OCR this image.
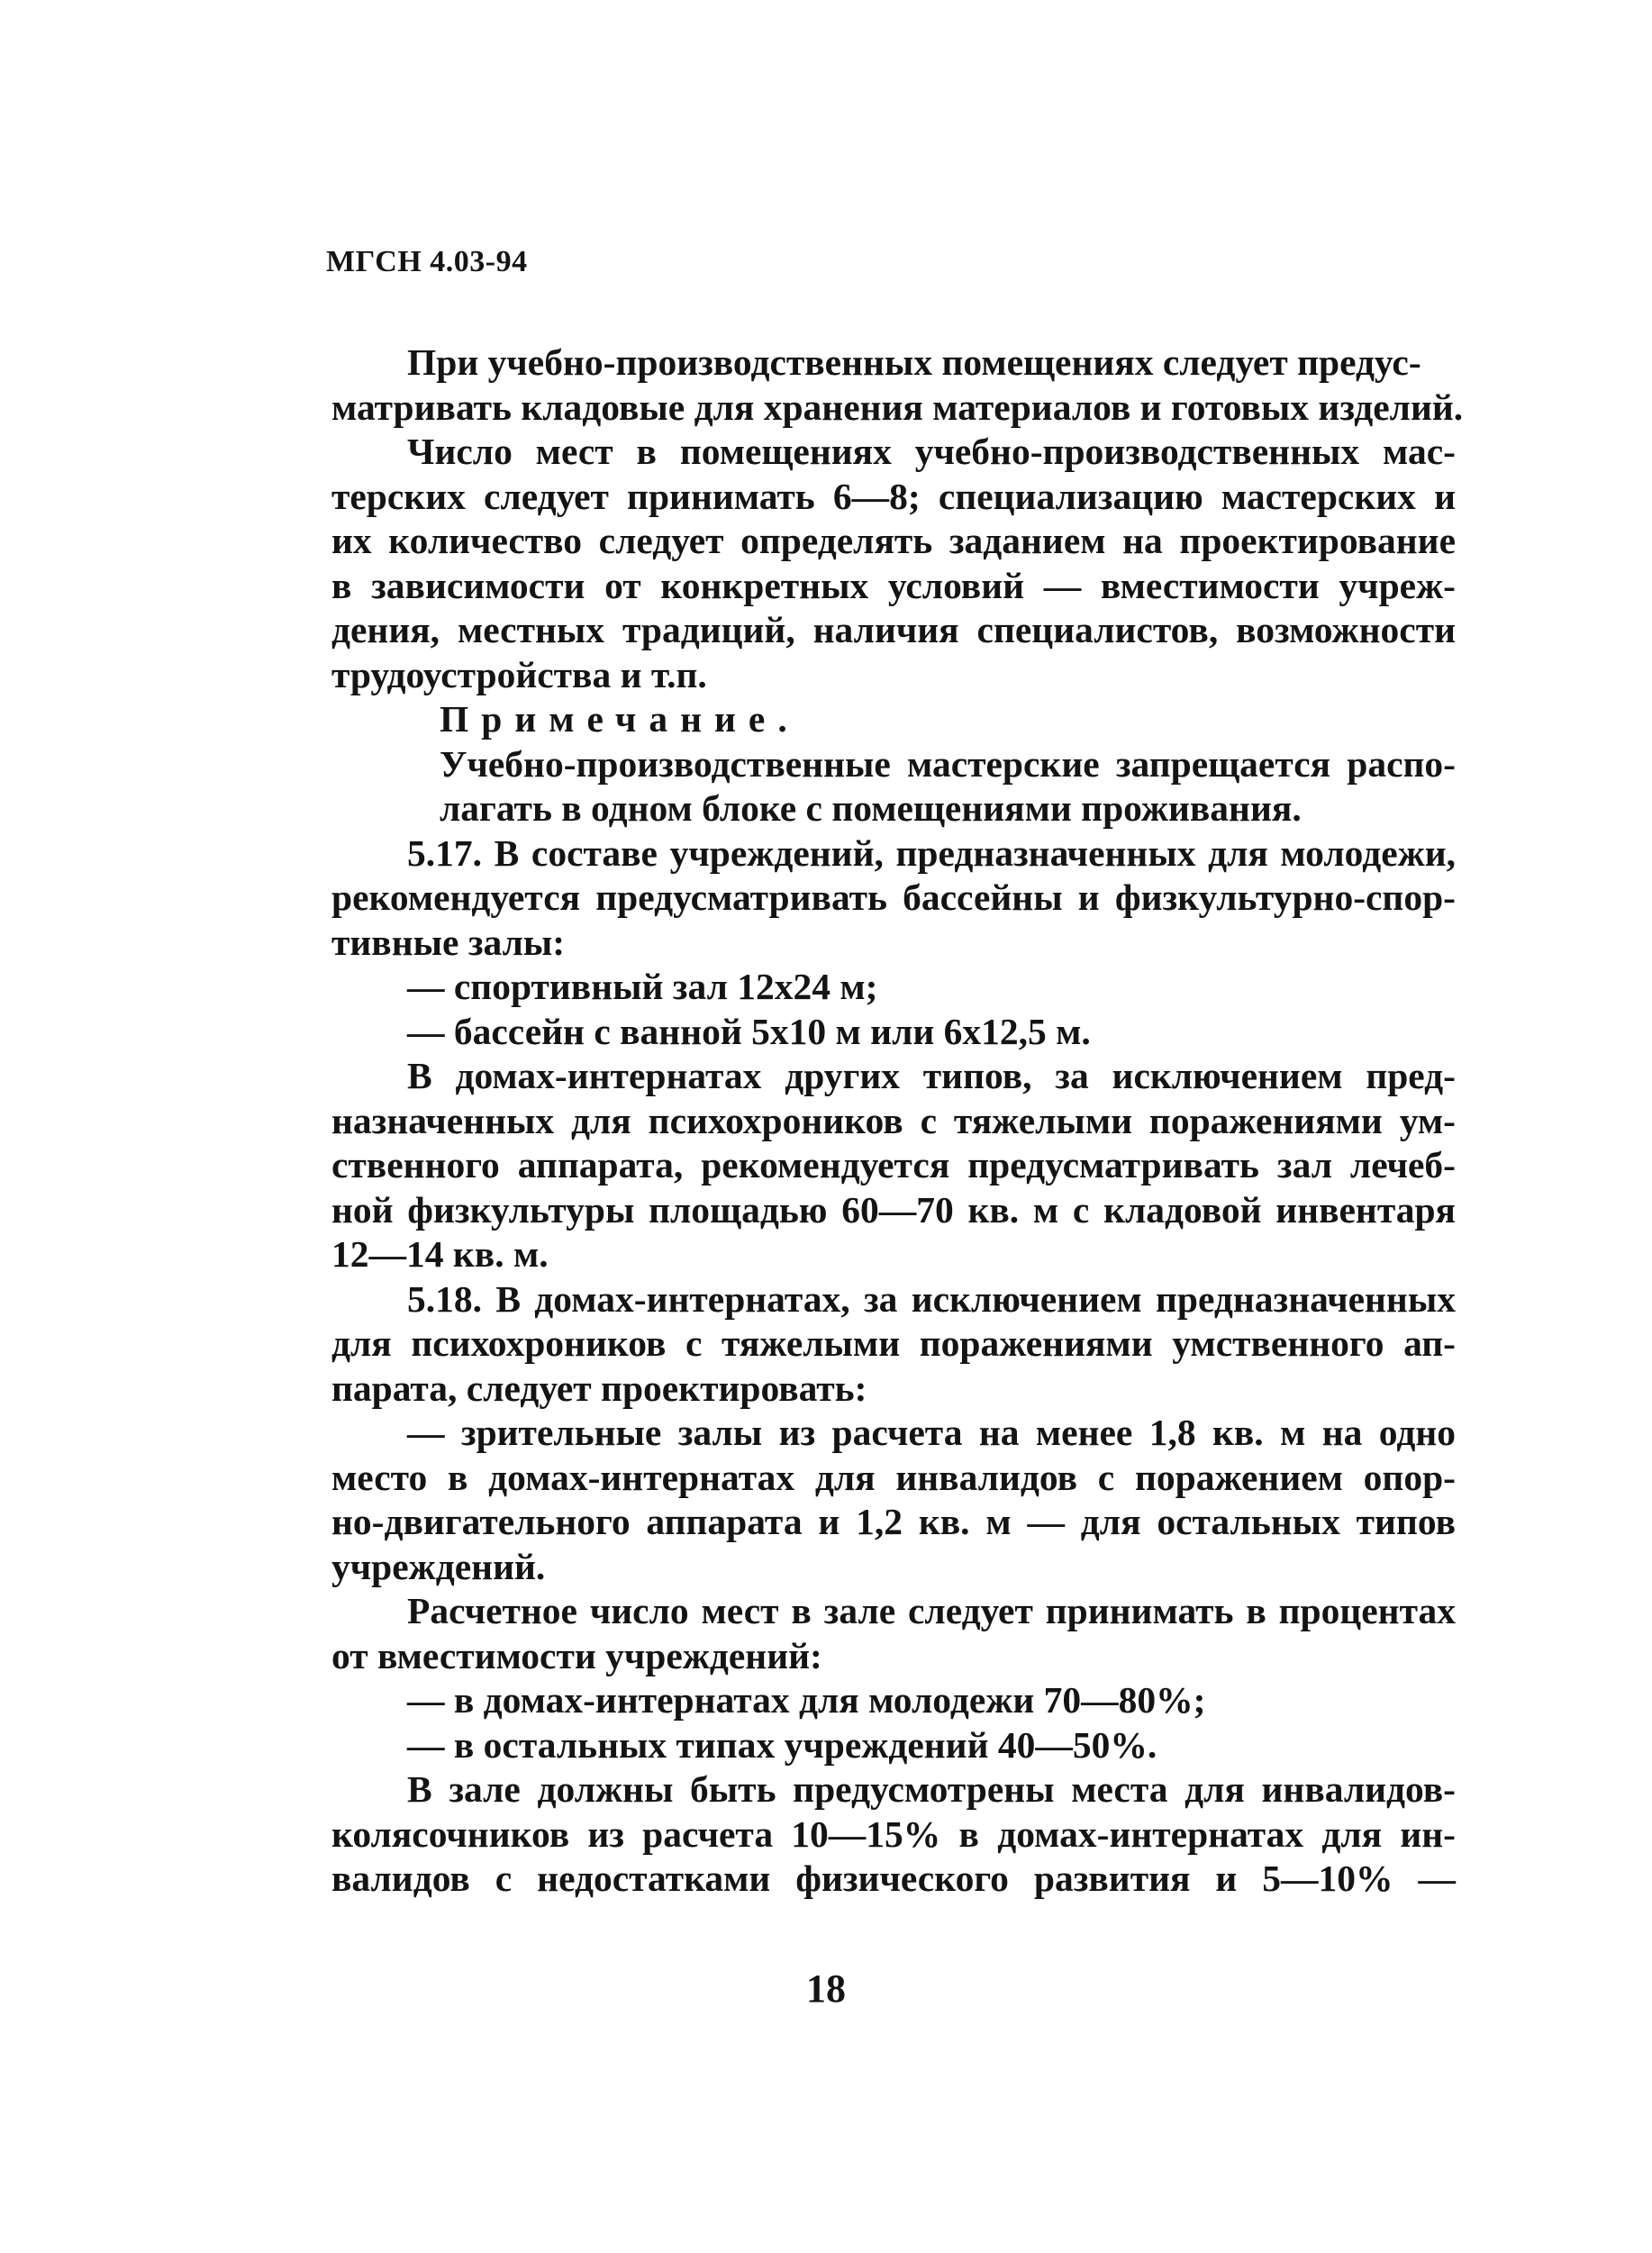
МГСН 4.03-94
При учебно-производственных помещениях следует предус-
матривать кладовые для хранения материалов и готовых изделий.
Число мест в помещениях учебно-производственных мас-
терских следует принимать 6—8; специализацию мастерских и
их количество следует определять заданием на проектирование
в зависимости от конкретных условий — вместимости учреж-
дения, местных традиций, наличия специалистов, возможности
трудоустройства и т.п.
Примечание.
Учебно-производственные мастерские запрещается распо-
лагать в одном блоке с помещениями проживания.
5.17. В составе учреждений, предназначенных для молодежи,
рекомендуется предусматривать бассейны и физкультурно-спор-
тивные залы:
— спортивный зал 12х24 м;
— бассейн с ванной 5х10 м или 6х12,5 м.
В домах-интернатах других типов, за исключением пред-
назначенных для психохроников с тяжелыми поражениями ум-
ственного аппарата, рекомендуется предусматривать зал лечеб-
ной физкультуры площадью 60—70 кв. м с кладовой инвентаря
12—14 кв. м.
5.18. В домах-интернатах, за исключением предназначенных
для психохроников с тяжелыми поражениями умственного ап-
парата, следует проектировать:
— зрительные залы из расчета на менее 1,8 кв. м на одно
место в домах-интернатах для инвалидов с поражением опор-
но-двигательного аппарата и 1,2 кв. м — для остальных типов
учреждений.
Расчетное число мест в зале следует принимать в процентах
от вместимости учреждений:
— в домах-интернатах для молодежи 70—80%;
— в остальных типах учреждений 40—50%.
В зале должны быть предусмотрены места для инвалидов-
колясочников из расчета 10—15% в домах-интернатах для ин-
валидов с недостатками физического развития и 5—10% —
18
